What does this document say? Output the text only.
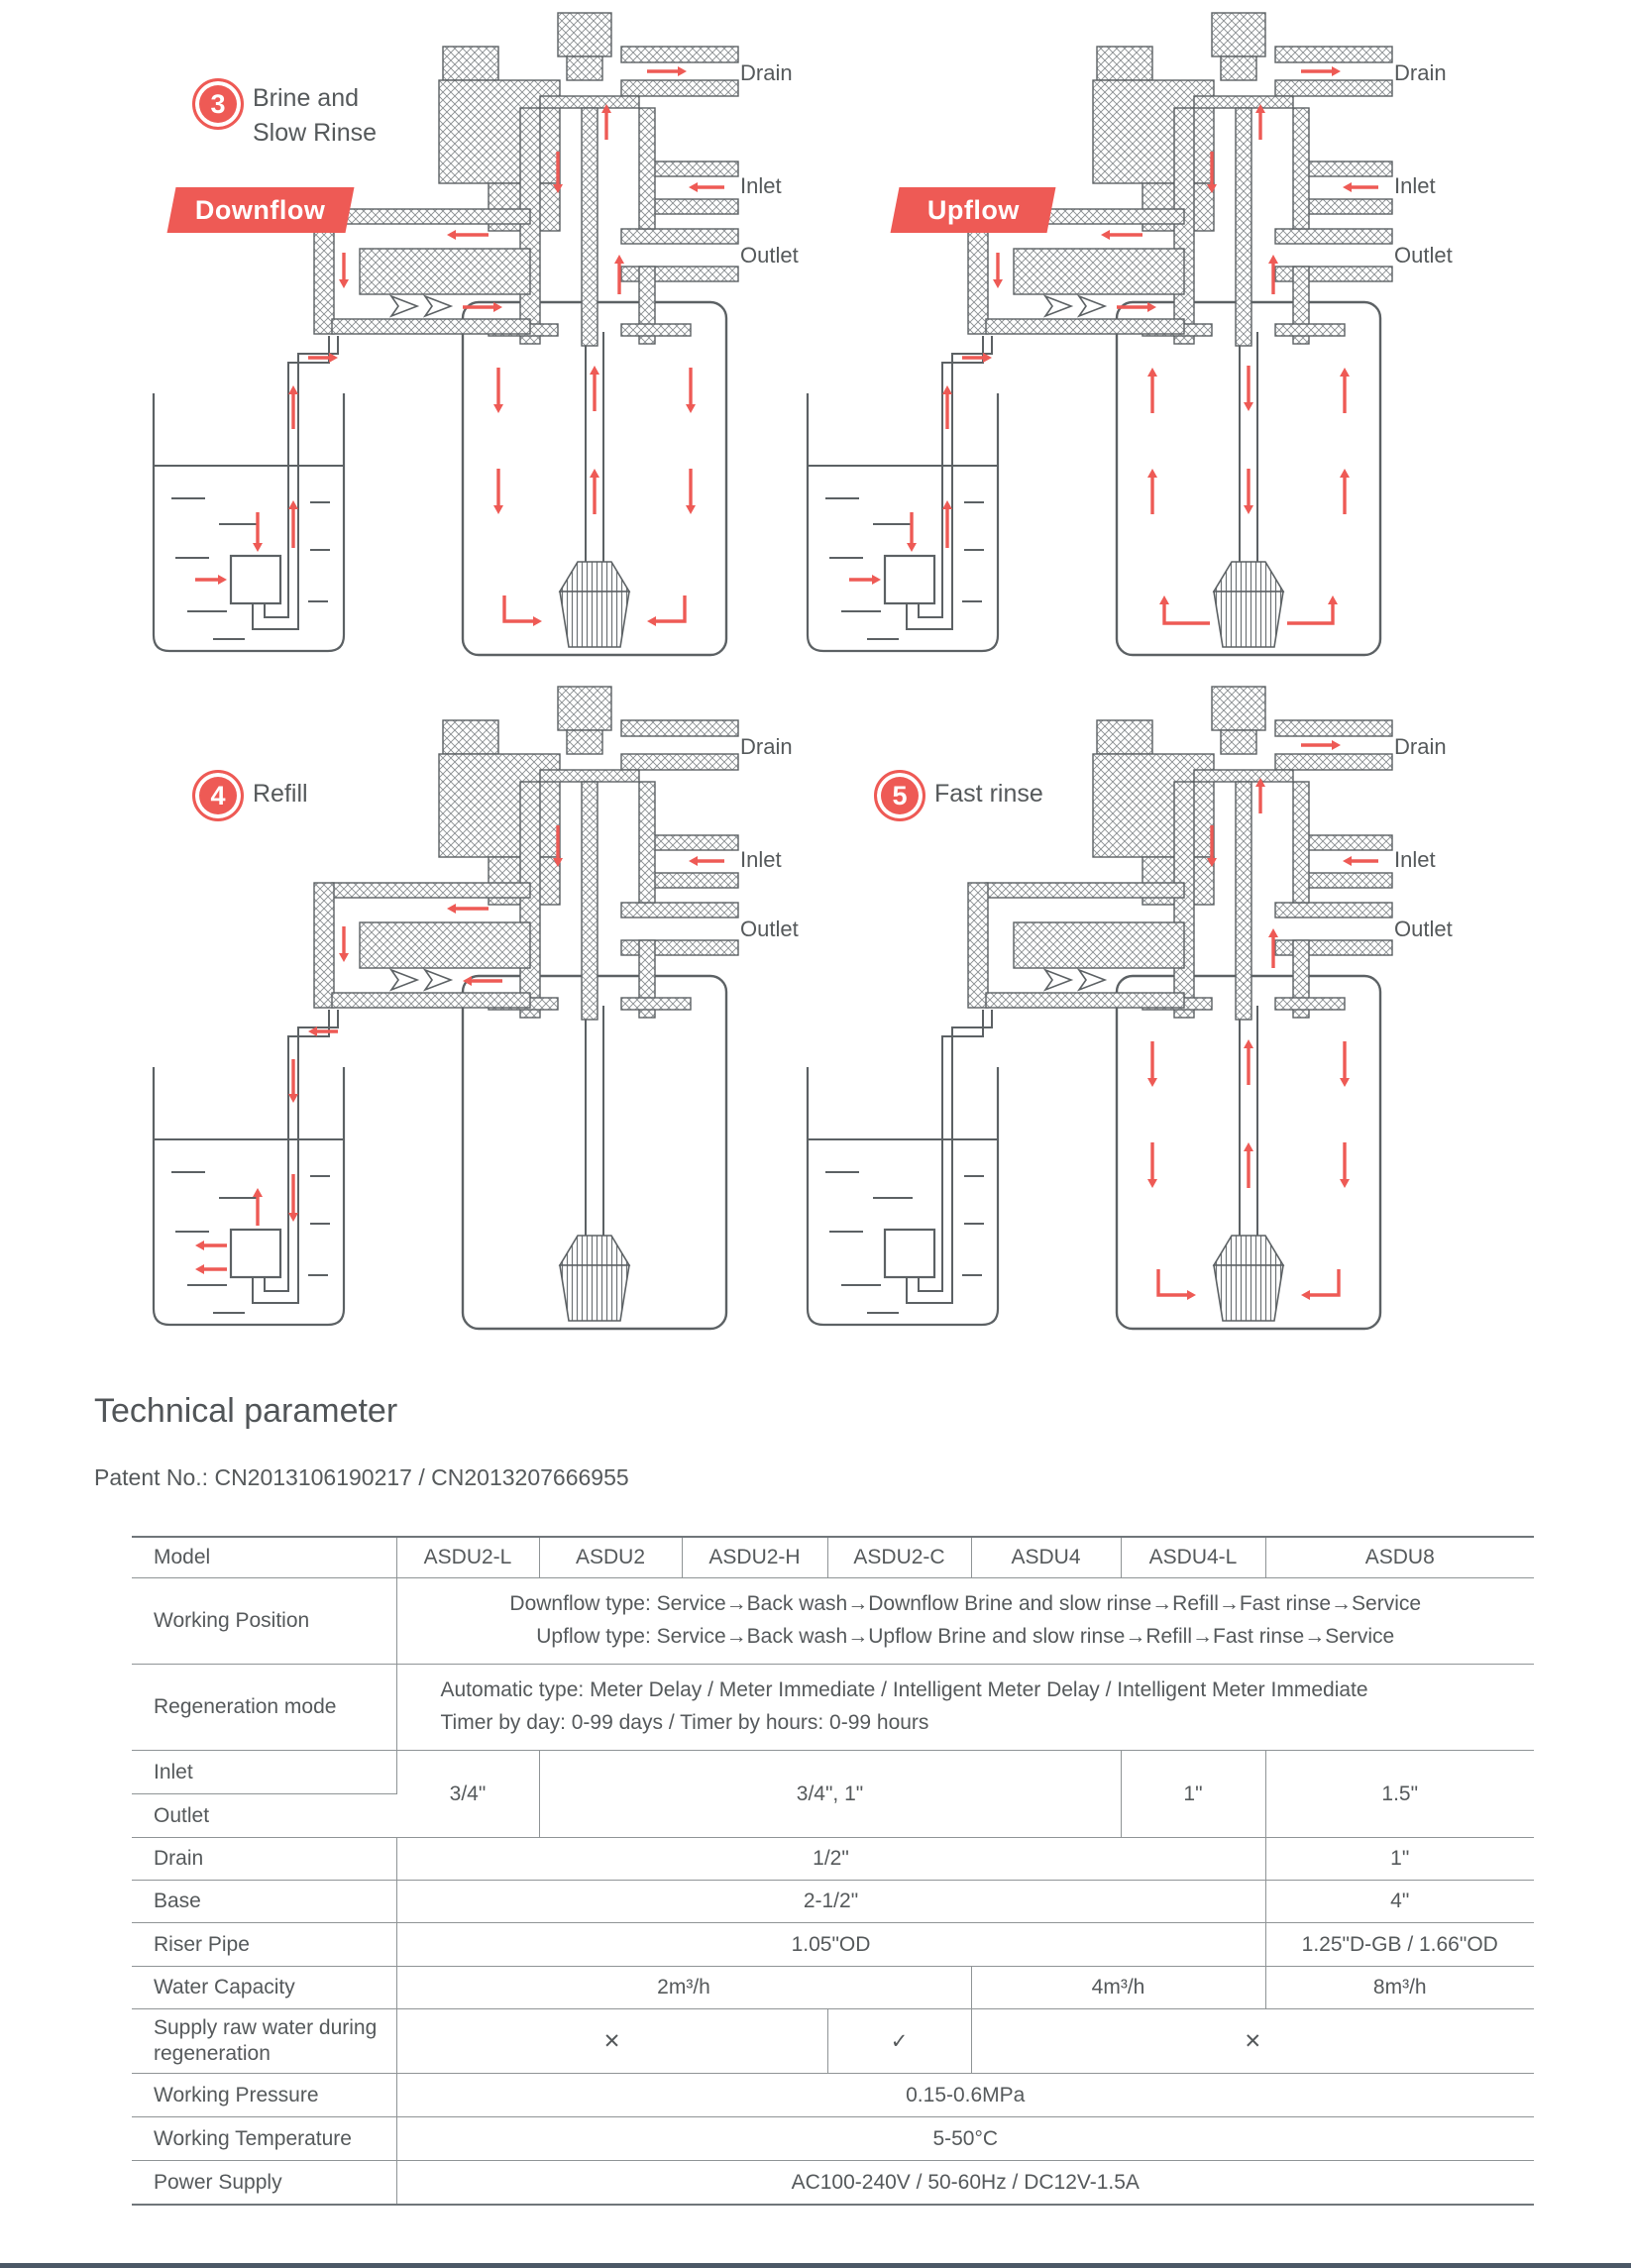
3 Brine and
Slow Rinse
Downflow
Drain
Inlet
Outlet
Upflow
Drain
Inlet
Outlet
4 Refill
Drain
Inlet
Outlet
5 Fast rinse
Drain
Inlet
Outlet
Technical parameter
Patent No.: CN2013106190217 / CN2013207666955
Model	ASDU2-L	ASDU2	ASDU2-H	ASDU2-C	ASDU4	ASDU4-L	ASDU8
Working Position	Downflow type: Service→Back wash→Downflow Brine and slow rinse→Refill→Fast rinse→Service
Upflow type: Service→Back wash→Upflow Brine and slow rinse→Refill→Fast rinse→Service						

Regeneration mode	Automatic type: Meter Delay / Meter Immediate / Intelligent Meter Delay / Intelligent Meter Immediate
Timer by day: 0-99 days / Timer by hours: 0-99 hours						

Inlet	3/4"	3/4", 1"				1"	1.5"
Outlet							
Drain	1/2"						1"
Base	2-1/2"						4"
Riser Pipe	1.05"OD						1.25"D-GB / 1.66"OD
Water Capacity	2m³/h				4m³/h		8m³/h
Supply raw water during regeneration	✕			✓	✕		
Working Pressure	0.15-0.6MPa						
Working Temperature	5-50°C						
Power Supply	AC100-240V / 50-60Hz / DC12V-1.5A						
